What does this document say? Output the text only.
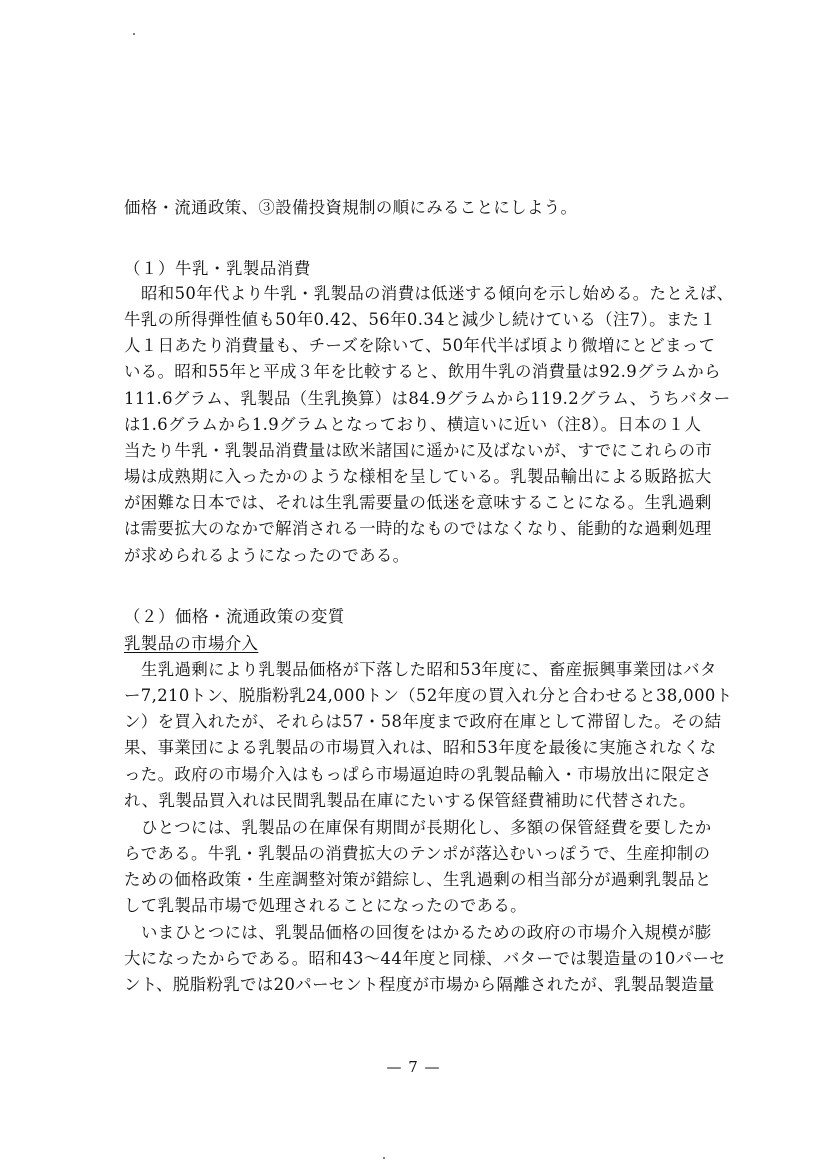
価格・流通政策、③設備投資規制の順にみることにしよう。
（１）牛乳・乳製品消費
昭和50年代より牛乳・乳製品の消費は低迷する傾向を示し始める。たとえば、
牛乳の所得弾性値も50年0.42、56年0.34と減少し続けている（注7）。また１
人１日あたり消費量も、チーズを除いて、50年代半ば頃より微増にとどまって
いる。昭和55年と平成３年を比較すると、飲用牛乳の消費量は92.9グラムから
111.6グラム、乳製品（生乳換算）は84.9グラムから119.2グラム、うちバター
は1.6グラムから1.9グラムとなっており、横這いに近い（注8）。日本の１人
当たり牛乳・乳製品消費量は欧米諸国に遥かに及ばないが、すでにこれらの市
場は成熟期に入ったかのような様相を呈している。乳製品輸出による販路拡大
が困難な日本では、それは生乳需要量の低迷を意味することになる。生乳過剰
は需要拡大のなかで解消される一時的なものではなくなり、能動的な過剰処理
が求められるようになったのである。
（２）価格・流通政策の変質
乳製品の市場介入
生乳過剰により乳製品価格が下落した昭和53年度に、畜産振興事業団はバタ
ー7,210トン、脱脂粉乳24,000トン（52年度の買入れ分と合わせると38,000ト
ン）を買入れたが、それらは57・58年度まで政府在庫として滞留した。その結
果、事業団による乳製品の市場買入れは、昭和53年度を最後に実施されなくな
った。政府の市場介入はもっぱら市場逼迫時の乳製品輸入・市場放出に限定さ
れ、乳製品買入れは民間乳製品在庫にたいする保管経費補助に代替された。
ひとつには、乳製品の在庫保有期間が長期化し、多額の保管経費を要したか
らである。牛乳・乳製品の消費拡大のテンポが落込むいっぽうで、生産抑制の
ための価格政策・生産調整対策が錯綜し、生乳過剰の相当部分が過剰乳製品と
して乳製品市場で処理されることになったのである。
いまひとつには、乳製品価格の回復をはかるための政府の市場介入規模が膨
大になったからである。昭和43〜44年度と同様、バターでは製造量の10パーセ
ント、脱脂粉乳では20パーセント程度が市場から隔離されたが、乳製品製造量
— 7 —
